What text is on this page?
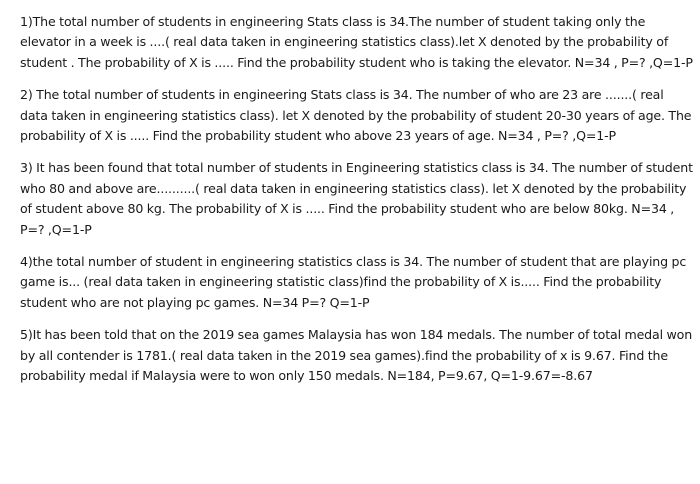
1)The total number of students in engineering Stats class is 34.The number of student taking only the elevator in a week is ....( real data taken in engineering statistics class).let X denoted by the probability of student . The probability of X is ..... Find the probability student who is taking the elevator. N=34 , P=? ,Q=1-P

2) The total number of students in engineering Stats class is 34. The number of who are 23 are .......( real data taken in engineering statistics class). let X denoted by the probability of student 20-30 years of age. The probability of X is ..... Find the probability student who above 23 years of age. N=34 , P=? ,Q=1-P

3) It has been found that total number of students in Engineering statistics class is 34. The number of student who 80 and above are..........( real data taken in engineering statistics class). let X denoted by the probability of student above 80 kg. The probability of X is ..... Find the probability student who are below 80kg. N=34 , P=? ,Q=1-P

4)the total number of student in engineering statistics class is 34. The number of student that are playing pc game is... (real data taken in engineering statistic class)find the probability of X is..... Find the probability student who are not playing pc games. N=34 P=? Q=1-P

5)It has been told that on the 2019 sea games Malaysia has won 184 medals. The number of total medal won by all contender is 1781.( real data taken in the 2019 sea games).find the probability of x is 9.67. Find the probability medal if Malaysia were to won only 150 medals. N=184, P=9.67, Q=1-9.67=-8.67
